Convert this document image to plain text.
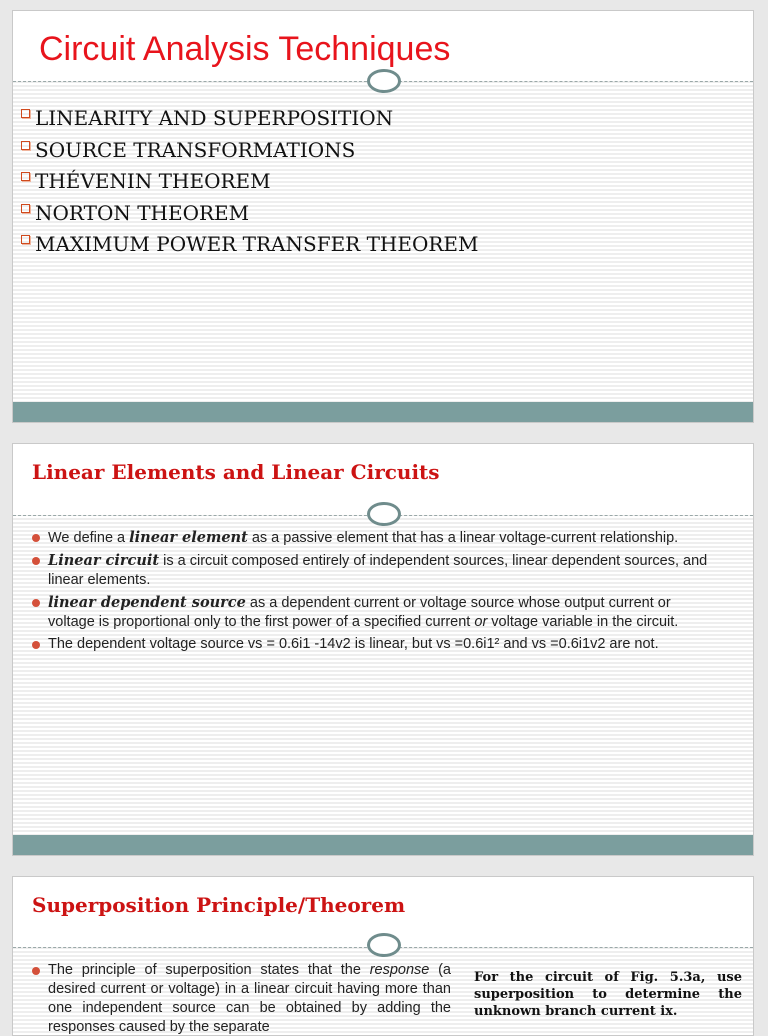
Circuit Analysis Techniques
LINEARITY AND SUPERPOSITION
SOURCE TRANSFORMATIONS
THÉVENIN THEOREM
NORTON THEOREM
MAXIMUM POWER TRANSFER THEOREM
Linear Elements and Linear Circuits
We define a linear element as a passive element that has a linear voltage-current relationship.
Linear circuit is a circuit composed entirely of independent sources, linear dependent sources, and linear elements.
linear dependent source as a dependent current or voltage source whose output current or voltage is proportional only to the first power of a specified current or voltage variable in the circuit.
The dependent voltage source vs = 0.6i1 -14v2 is linear, but vs =0.6i1² and vs =0.6i1v2 are not.
Superposition Principle/Theorem
The principle of superposition states that the response (a desired current or voltage) in a linear circuit having more than one independent source can be obtained by adding the responses caused by the separate

For the circuit of Fig. 5.3a, use superposition to determine the unknown branch current ix.
